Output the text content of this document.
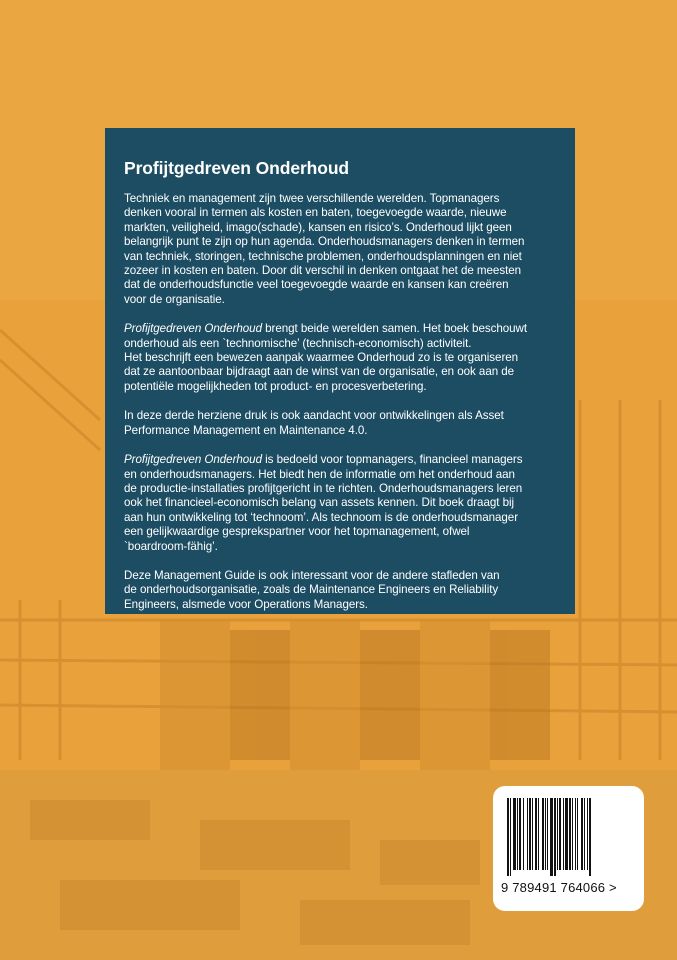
Profijtgedreven Onderhoud
Techniek en management zijn twee verschillende werelden. Topmanagers
denken vooral in termen als kosten en baten, toegevoegde waarde, nieuwe
markten, veiligheid, imago(schade), kansen en risico’s. Onderhoud lijkt geen
belangrijk punt te zijn op hun agenda. Onderhoudsmanagers denken in termen
van techniek, storingen, technische problemen, onderhoudsplanningen en niet
zozeer in kosten en baten. Door dit verschil in denken ontgaat het de meesten
dat de onderhoudsfunctie veel toegevoegde waarde en kansen kan creëren
voor de organisatie.
Profijtgedreven Onderhoud brengt beide werelden samen. Het boek beschouwt
onderhoud als een `technomische’ (technisch-economisch) activiteit.
Het beschrijft een bewezen aanpak waarmee Onderhoud zo is te organiseren
dat ze aantoonbaar bijdraagt aan de winst van de organisatie, en ook aan de
potentiële mogelijkheden tot product- en procesverbetering.
In deze derde herziene druk is ook aandacht voor ontwikkelingen als Asset
Performance Management en Maintenance 4.0.
Profijtgedreven Onderhoud is bedoeld voor topmanagers, financieel managers
en onderhoudsmanagers. Het biedt hen de informatie om het onderhoud aan
de productie-installaties profijtgericht in te richten. Onderhoudsmanagers leren
ook het financieel-economisch belang van assets kennen. Dit boek draagt bij
aan hun ontwikkeling tot ‘technoom’. Als technoom is de onderhoudsmanager
een gelijkwaardige gesprekspartner voor het topmanagement, ofwel
`boardroom-fähig’.
Deze Management Guide is ook interessant voor de andere stafleden van
de onderhoudsorganisatie, zoals de Maintenance Engineers en Reliability
Engineers, alsmede voor Operations Managers.
9 789491 764066 >
